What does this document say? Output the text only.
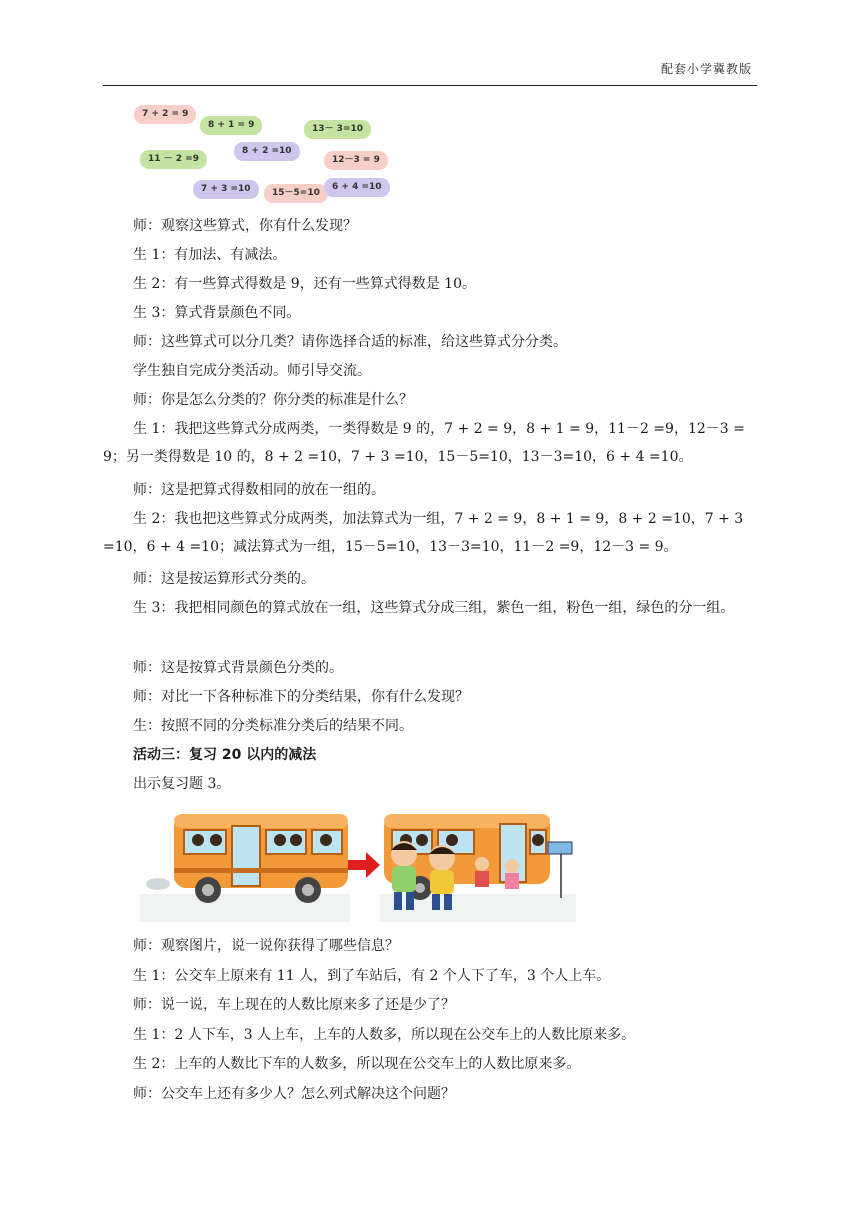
配套小学冀教版
7 + 2 = 9
8 + 1 = 9	13－ 3=10
11 － 2 =9
8 + 2 =10
12－3 = 9
7 + 3 =10	15－5=10
6 + 4 =10

师：观察这些算式，你有什么发现？

生 1：有加法、有减法。

生 2：有一些算式得数是 9，还有一些算式得数是 10。

生 3：算式背景颜色不同。

师：这些算式可以分几类？请你选择合适的标准，给这些算式分分类。

学生独自完成分类活动。师引导交流。

师：你是怎么分类的？你分类的标准是什么？

生 1：我把这些算式分成两类，一类得数是 9 的，7 + 2 = 9，8 + 1 = 9，11－2 =9，12－3 = 9；另一类得数是 10 的，8 + 2 =10，7 + 3 =10，15－5=10，13－3=10，6 + 4 =10。

师：这是把算式得数相同的放在一组的。

生 2：我也把这些算式分成两类，加法算式为一组，7 + 2 = 9，8 + 1 = 9，8 + 2 =10，7 + 3 =10，6 + 4 =10；减法算式为一组，15－5=10，13－3=10，11－2 =9，12－3 = 9。

师：这是按运算形式分类的。

生 3：我把相同颜色的算式放在一组，这些算式分成三组，紫色一组，粉色一组，绿色的分一组。

师：这是按算式背景颜色分类的。

师：对比一下各种标准下的分类结果，你有什么发现？

生：按照不同的分类标准分类后的结果不同。

活动三：复习 20 以内的减法

出示复习题 3。

师：观察图片，说一说你获得了哪些信息？

生 1：公交车上原来有 11 人，到了车站后，有 2 个人下了车，3 个人上车。

师：说一说，车上现在的人数比原来多了还是少了？

生 1：2 人下车，3 人上车，上车的人数多，所以现在公交车上的人数比原来多。

生 2：上车的人数比下车的人数多，所以现在公交车上的人数比原来多。

师：公交车上还有多少人？怎么列式解决这个问题？
